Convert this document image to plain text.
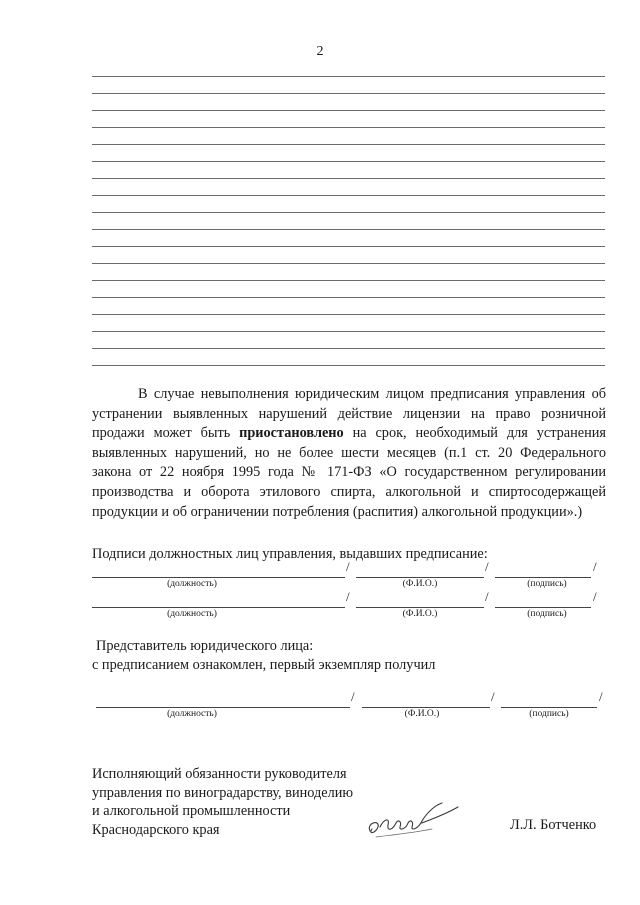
2
В случае невыполнения юридическим лицом предписания управления об устранении выявленных нарушений действие лицензии на право розничной продажи может быть приостановлено на срок, необходимый для устранения выявленных нарушений, но не более шести месяцев (п.1 ст. 20 Федерального закона от 22 ноября 1995 года № 171-ФЗ «О государственном регулировании производства и оборота этилового спирта, алкогольной и спиртосодержащей продукции и об ограничении потребления (распития) алкогольной продукции».)
Подписи должностных лиц управления, выдавших предписание:
/	/	/
(должность)	(Ф.И.О.)	(подпись)
/	/	/
(должность)	(Ф.И.О.)	(подпись)
Представитель юридического лица:
с предписанием ознакомлен, первый экземпляр получил
/	/	/
(должность)	(Ф.И.О.)	(подпись)
Исполняющий обязанности руководителя
управления по виноградарству, виноделию
и алкогольной промышленности
Краснодарского края	Л.Л. Ботченко
